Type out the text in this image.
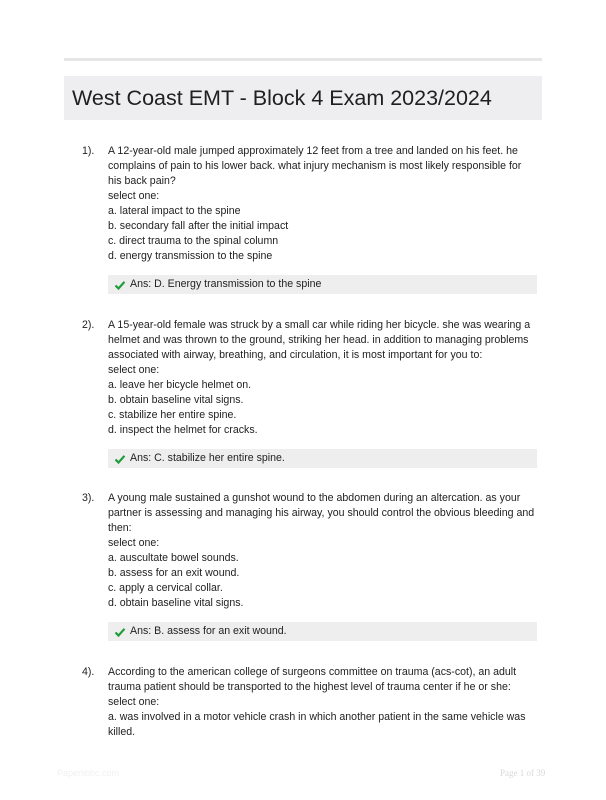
West Coast EMT - Block 4 Exam 2023/2024
1). A 12-year-old male jumped approximately 12 feet from a tree and landed on his feet. he complains of pain to his lower back. what injury mechanism is most likely responsible for his back pain?
select one:
a. lateral impact to the spine
b. secondary fall after the initial impact
c. direct trauma to the spinal column
d. energy transmission to the spine
Ans: D. Energy transmission to the spine
2). A 15-year-old female was struck by a small car while riding her bicycle. she was wearing a helmet and was thrown to the ground, striking her head. in addition to managing problems associated with airway, breathing, and circulation, it is most important for you to:
select one:
a. leave her bicycle helmet on.
b. obtain baseline vital signs.
c. stabilize her entire spine.
d. inspect the helmet for cracks.
Ans: C. stabilize her entire spine.
3). A young male sustained a gunshot wound to the abdomen during an altercation. as your partner is assessing and managing his airway, you should control the obvious bleeding and then:
select one:
a. auscultate bowel sounds.
b. assess for an exit wound.
c. apply a cervical collar.
d. obtain baseline vital signs.
Ans: B. assess for an exit wound.
4). According to the american college of surgeons committee on trauma (acs-cot), an adult trauma patient should be transported to the highest level of trauma center if he or she:
select one:
a. was involved in a motor vehicle crash in which another patient in the same vehicle was killed.
Paperlibbc.com	Page 1 of 39
